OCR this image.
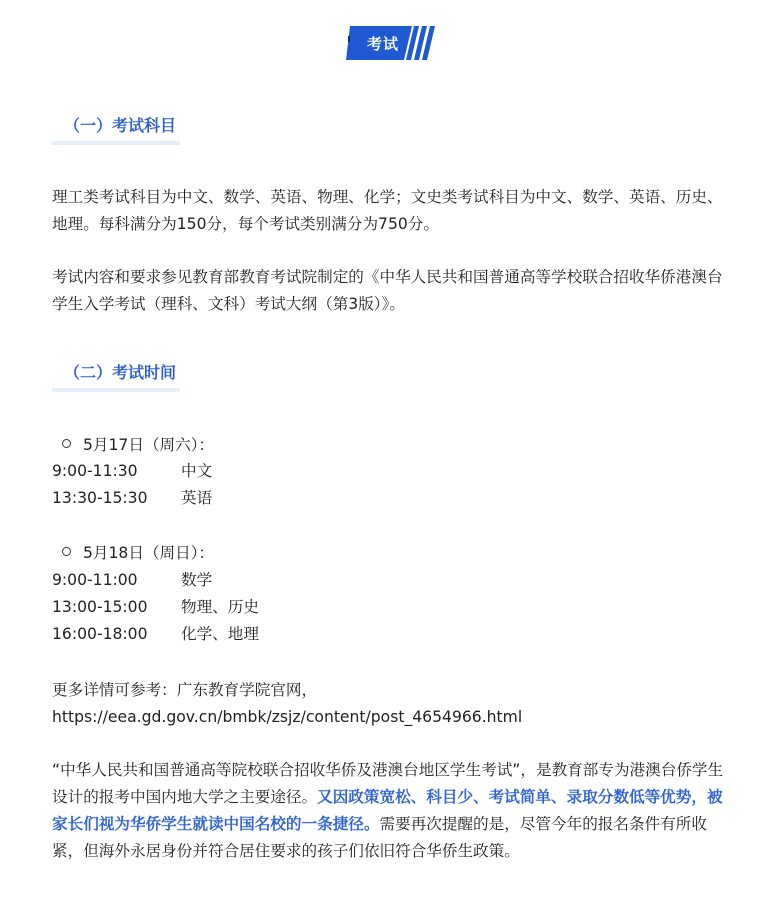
考试
（一）考试科目

理工类考试科目为中文、数学、英语、物理、化学；文史类考试科目为中文、数学、英语、历史、地理。每科满分为150分，每个考试类别满分为750分。

考试内容和要求参见教育部教育考试院制定的《中华人民共和国普通高等学校联合招收华侨港澳台学生入学考试（理科、文科）考试大纲（第3版）》。

（二）考试时间
5月17日（周六）：
9:00-11:30	中文
13:30-15:30 英语
5月18日（周日）：
9:00-11:00	数学
13:00-15:00 物理、历史
16:00-18:00 化学、地理
更多详情可参考：广东教育学院官网，
https://eea.gd.gov.cn/bmbk/zsjz/content/post_4654966.html

“中华人民共和国普通高等院校联合招收华侨及港澳台地区学生考试”，是教育部专为港澳台侨学生设计的报考中国内地大学之主要途径。又因政策宽松、科目少、考试简单、录取分数低等优势，被家长们视为华侨学生就读中国名校的一条捷径。需要再次提醒的是，尽管今年的报名条件有所收紧，但海外永居身份并符合居住要求的孩子们依旧符合华侨生政策。
